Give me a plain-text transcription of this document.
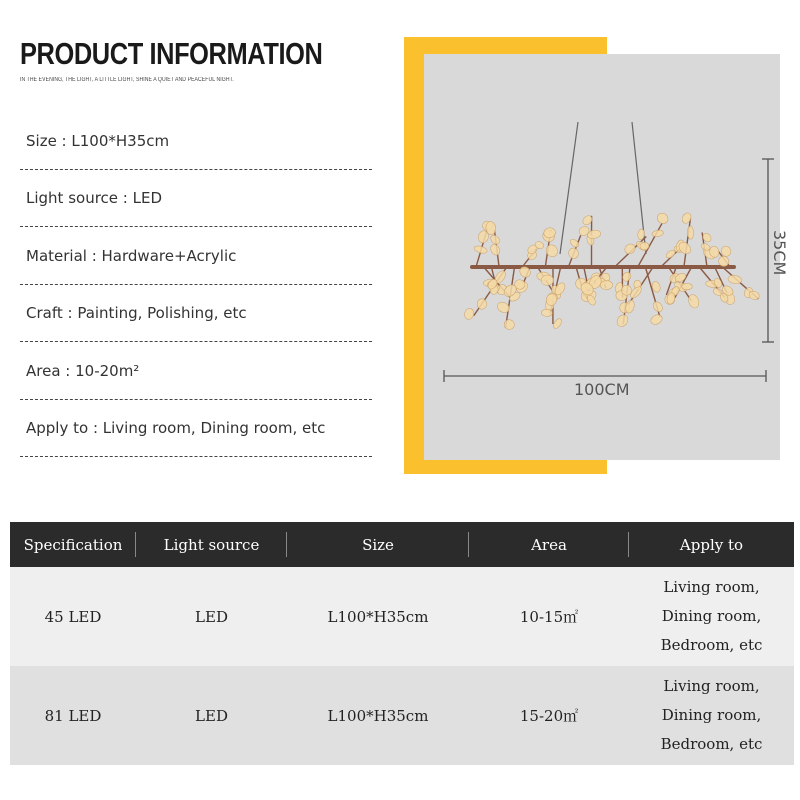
PRODUCT INFORMATION
IN THE EVENING, THE LIGHT, A LITTLE LIGHT, SHINE A QUIET AND PEACEFUL NIGHT.
Size : L100*H35cm
Light source : LED
Material : Hardware+Acrylic
Craft : Painting, Polishing, etc
Area : 10-20m²
Apply to : Living room, Dining room, etc
100CM
35CM
Specification	Light source	Size	Area	Apply to
45 LED	LED	L100*H35cm	10-15㎡	Living room,
Dining room,
Bedroom, etc

81 LED	LED	L100*H35cm	15-20㎡	Living room,
Dining room,
Bedroom, etc
